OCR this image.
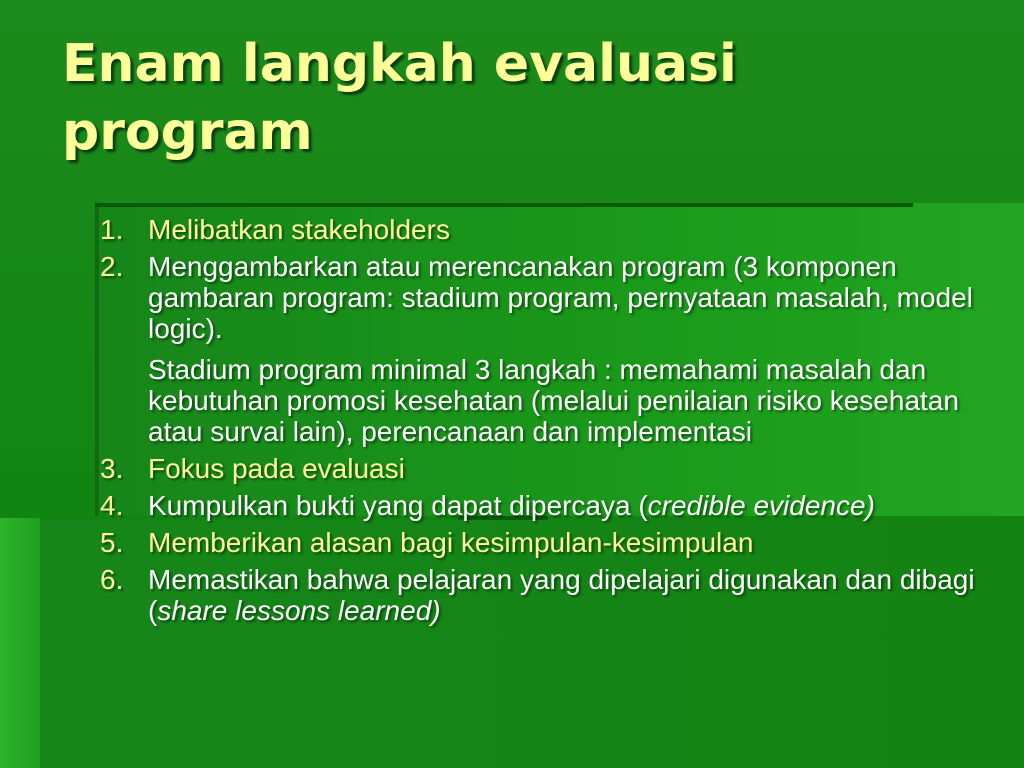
Enam langkah evaluasi program
1. Melibatkan stakeholders
2. Menggambarkan atau merencanakan program (3 komponen gambaran program: stadium program, pernyataan masalah, model logic).

Stadium program minimal 3 langkah : memahami masalah dan kebutuhan promosi kesehatan (melalui penilaian risiko kesehatan atau survai lain), perencanaan dan implementasi

3. Fokus pada evaluasi
4. Kumpulkan bukti yang dapat dipercaya (credible evidence)
5. Memberikan alasan bagi kesimpulan-kesimpulan
6. Memastikan bahwa pelajaran yang dipelajari digunakan dan dibagi (share lessons learned)
